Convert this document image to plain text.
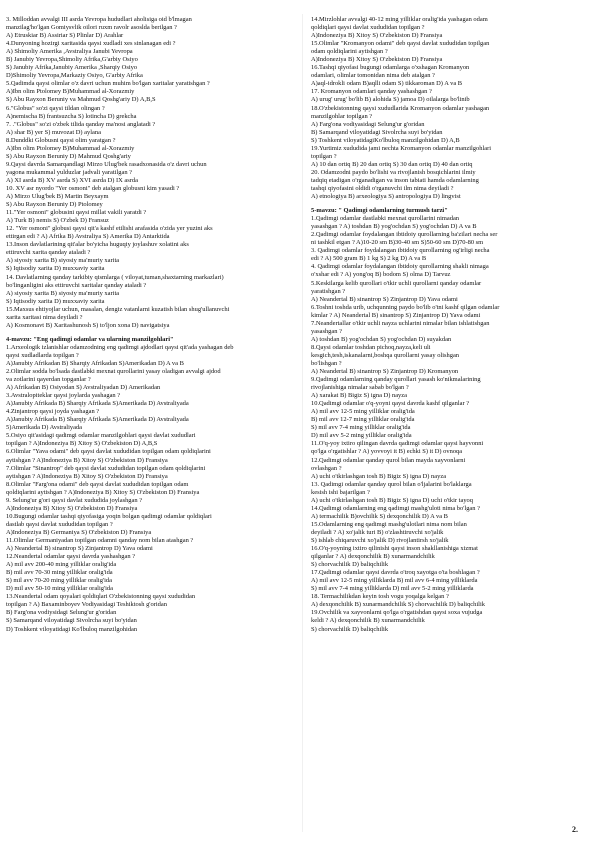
3. Milloddan avvalgi III asrda Yevropa hududlari aholisiga oid b'lmagan
manzilag'ho'lgan Gomiysvlik oilori ruxm ravolr asoslda berilgan ?
A) Etruskiar B) Assiriar S) Plinlar D) Arahlar
4.Dunyoning hozirgi xaritasida qaysi xudladi xes sinlanagan edi ?
A) Shimoliy Amerika ,Avstraliya Janubi Yevropa
B) Janubiy Yevropa,Shimoliy Afrika,G'arbiy Osiyo
S) Janubiy Afrika,Janubiy Amerika ,Sharqiy Osiyo
D)Shimoliy Yevropa,Markaziy Osiyo, G'arbiy Afrika
5.Qadimda qaysi olimlar o'z davri uchun muhim bo'lgan xaritalar yaratishgan ?
A)Ibn olim Ptolomey B)Muhammad al-Xorazmiy
S) Abu Rayxon Beruniy va Mahmud Qoshg'ariy D) A,B,S
6."Globus" so'zi qaysi tildan olingan ?
A)nemischa B) frantsuzcha S) lotincha D) grekcha
7. ."Globus" so'zi o'zbek tilida qanday ma'nosi anglatadi ?
A) shar B) yer S) muvozat D) aylana
8.Dunddki Globusni qaysi olim yaratgan ?
A)Ibn olim Ptolomey B)Muhammad al-Xorazmiy
S) Abu Rayxon Beruniy D) Mahmud Qoshg'ariy
9.Qaysi davrda Samarqandlagi Mirzo Ulug'bek rasadxonasida o'z davri uchun
yagona mukammal yulduzlar jadvali yaratilgan ?
A) XI asrda B) XV asrda S) XVI asrda D) IX asrda
10. XV asr nyordo "Yer osmoni" deb atalgan globusni kim yasadi ?
A) Mirzo Ulug'bek B) Martin Beyxaym
S) Abu Rayxon Beruniy D) Ptolomey
11."Yer osmoni" globusini qaysi millat vakili yaratdi ?
A) Turk B) nemis S) O'zbek D) Fransuz
12. "Yer osmoni" globusi qaysi qit'a kashf etilishi arafasida o'zida yer yuzini aks
ettirgan edi ? A) Afrika B) Avstraliya S) Amerika D) Antarktida
13.Inson davlatlarining qit'alar bo'yicha huguqiy joylashuv xolatini aks
ettiruvchi xarita qanday ataladi ?
A) siyosiy xarita B) siyosiy ma'muriy xarita
S) Iqtisodiy xarita D) muxxaviy xarita
14. Davlatlarning qanday tarkibiy qismlarga ( viloyat,tuman,shaxtarning markazlari)
bo'linganligini aks ettiruvchi xaritalar qanday ataladi ?
A) siyosiy xarita B) siyosiy ma'muriy xarita
S) Iqtisodiy xarita D) muxxaviy xarita
15.Maxsus ehtiyojlar uchun, masalan, dengiz vatanlarni kuzatish bilan shug'ullanuvchi
xarita xaritasi nima deyiladi ?
A) Kosmonavt B) Xaritashunosh S) to'ljon xona D) navigatsiya
4-mavzu: "Eng qadimgi odamlar va ularning manzilgohlari"
1.Arxeologik izlanishlar odamzodning eng qadimgi ajdodlari qaysi qit'ada yashagan deb
qaysi xudladlarda topilgan ?
A)Janubiy Afrikadan B) Sharqiy Afrikadan S)Amerikadan D) A va B
2.Olimlar sodda bo'lsada dastlabki mexnat qurollarini yasay oladigan avvalgi ajdod
va zotlarini qayerdan topganlar ?
A) Afrikadan B) Osiyodan S) Avstraliyadan D) Amerikadan
3.Avstralopiteklar qaysi joylarda yashagan ?
A)Janubiy Afrikada B) Sharqiy Afrikada S)Amerikada D) Avstraliyada
4.Zinjantrop qaysi joyda yashagan ?
A)Janubiy Afrikada B) Sharqiy Afrikada S)Amerikada D) Avstraliyada
5)Amerikada D) Avstraliyada
5.Osiyo qit'asidagi qadimgi odamlar manzilgohlari qaysi davlat xududlari
topilgan ? A)Indoneziya B) Xitoy S) O'zbekiston D) A,B,S
6.Olimlar "Yava odami" deb qaysi davlat xududidan topilgan odam qoldiqlarini
aytishgan ? A)Indoneziya B) Xitoy S) O'zbekiston D) Fransiya
7.Olimlar "Sinantrop" deb qaysi davlat xududidan topilgan odam qoldiqlarini
aytishgan ? A)Indoneziya B) Xitoy S) O'zbekiston D) Fransiya
8.Olimlar "Farg'ona odami" deb qaysi davlat xududidan topilgan odam
qoldiqlarini aytishgan ? A)Indoneziya B) Xitoy S) O'zbekiston D) Fransiya
9. Selung'ur g'ori qaysi davlat xududida joylashgan ?
A)Indoneziya B) Xitoy S) O'zbekiston D) Fransiya
10.Bugungi odamlar tashqi qiyofasiga yoqin bolgan qadimgi odamlar qoldiqlari
dastlab qaysi davlat xududidan topilgan ?
A)Indoneziya B) Germaniya S) O'zbekiston D) Fransiya
11.Olimlar Germaniyadan topilgan odamni qanday nom bilan atashgan ?
A) Neandertal B) sinantrop S) Zinjantrop D) Yava odami
12.Neandertal odamlar qaysi davrda yashashgan ?
A) mil avv 200-40 ming yilliklar oralig'ida
B) mil avv 70-30 ming yilliklar oralig'ida
S) mil avv 70-20 ming yilliklar oralig'ida
D) mil avv 50-10 ming yilliklar oralig'ida
13.Neandertal odam qoyalari qoldiqlari O'zbekistonning qaysi xududidan
topilgan ? A) Baxaminboyev Vodiyasidagi Teshiktosh g'oridan
B) Farg'ona vodiysidagi Selung'ur g'oridan
S) Samarqand viloyatidagi Sivolrcha suyi bo'yidan
D) Toshkent viloyatidagi Ko'lbuloq manzilgohidan
14.Mirzlohlar avvalgi 40-12 ming yilliklar oralig'ida yashagan odam
qoldiqlari qaysi davlat xududidan topilgan ?
A)Indoneziya B) Xitoy S) O'zbekiston D) Fransiya
15.Olimlar "Kromanyon odami" deb qaysi davlat xududidan topilgan
odam qoldiqlarini aytishgan ?
A)Indoneziya B) Xitoy S) O'zbekiston D) Fransiya
16.Tashqi qiyofasi bugungi odamlarga o'xshagan Kromanyon
odamlari, olimlar tomonidan nima deb atalgan ?
A)aql-idrokli odam B)aqlli odam S) tikkaroman D) A va B
17. Kromanyon odamlari qanday yashashgan ?
A) urug' urug' bo'lib B) alohida S) jamoa D) oilalarga bo'linib
18.O'zbekistonning qaysi xududlarida Kromanyon odamlar yashagan
manzilgohlar topilgan ?
A) Farg'ona vodiyasidagi Selung'ur g'oridan
B) Samarqand viloyatidagi Sivolrcha suyi bo'yidan
S) Toshkent viloyatidagiKo'lbuloq manzilgohidan D) A,B
19.Yurtimiz xududida jami nechta Kromanyon odamlar manzilgohlari
topilgan ?
A) 10 dan ortiq B) 20 dan ortiq S) 30 dan ortiq D) 40 dan ortiq
20. Odamzodni paydo bo'lishi va rivojlanish bosqichlarini ilmiy
tadqiq etadigan o'rganadigan va inson tabiati hamda odamlarning
tashqi qiyofasini oldidi o'rganuvchi ilm nima deyiladi ?
A) etnologiya B) arxeologiya S) antropologiya D) lingvist
5-mavzu: " Qadimgi odamlarning turmush tarzi"
1.Qadimgi odamlar dastlabki mexnat qurollarini nimadan
yasashgan ? A) toshdan B) yog'ochdan S) yog'ochdan D) A va B
2.Qadimgi odamlar foydalangan ibtidoiy qurollarning ba'zilari necha ser
ni tashkil etgan ? A)10-20 sm B)30-40 sm S)50-60 sm D)70-80 sm
3. Qadimgi odamlar foydalangan ibtidoiy qurollarning og'irligi necha
edi ? A) 500 gram B) 1 kg S) 2 kg D) A va B
4. Qadimgi odamlar foydalangan ibtidoiy qurollarning shakli nimaga
o'xshar edi ? A) yong'oq B) bodom S) olma D) Tarvuz
5.Keskilarga kelib qurollari o'tkir uchli qurollarni qanday odamlar
yaratishgan ?
A) Neandertal B) sinantrop S) Zinjantrop D) Yava odami
6.Toshni toshda urib, uchqunning paydo bo'lib o'tni kashf qilgan odamlar
kimlar ? A) Neandertal B) sinantrop S) Zinjantrop D) Yava odami
7.Neandertallar o'tkir uchli nayza uchlarini nimalar bilan ishlatishgan
yasashgan ?
A) toshdan B) yog'ochdan S) yog'ochdan D) suyakdan
8.Qaysi odamlar toshdan pichoq,nayza,keli uli
kesgich,tesh,iskanalarni,boshqa qurollarni yasay olishgan
bo'lishgan ?
A) Neandertal B) sinantrop S) Zinjantrop D) Kromanyon
9.Qadimgi odamlarning qanday qurollari yasash ko'nikmalarining
rivojlanishiga nimalar sabab bo'lgan ?
A) xarakat B) Bigiz S) igna D) nayza
10.Qadimgi odamlar o'q-yoyni qaysi davrda kashf qilganlar ?
A) mil avv 12-5 ming yilliklar oralig'ida
B) mil avv 12-7 ming yilliklar oralig'ida
S) mil avv 7-4 ming yilliklar oralig'ida
D) mil avv 5-2 ming yilliklar oralig'ida
11.O'q-yoy ixtiro qilingan davrda qadimgi odamlar qaysi hayvonni
qo'lga o'rgatishlar ? A) yovvoyi it B) echki S) it D) ovnoqa
12.Qadimgi odamlar qanday qurol bilan mayda xayvonlarni
ovlashgan ?
A) uchi o'tkirlashgan tosh B) Bigiz S) igna D) nayza
13. Qadimgi odamlar qanday qurol bilan o'ljalarini bo'laklarga
kesish ishi bajarilgan ?
A) uchi o'tkirlashgan tosh B) Bigiz S) igna D) uchi o'tkir tayoq
14.Qadimgi odamlarning eng qadimgi mashg'uloti nima bo'lgan ?
A) termachilik B)ovchilik S) dexqonchilik D) A va B
15.Odamlarning eng qadimgi mashg'ulotlari nima nom bilan
deyiladi ? A) xo'jalik turi B) o'zlashtiruvchi xo'jalik
S) ishlab chiqaruvchi xo'jalik D) rivojlantirsh xo'jalik
16.O'q-yoyning ixtiro qilinishi qaysi inson shakllanishiga xizmat
qilganlar ? A) dexqonchilik B) xunarmandchilik
S) chorvachilik D) baliqchilik
17.Qadimgi odamlar qaysi davrda o'troq xayotga o'ta boshlagan ?
A) mil avv 12-5 ming yilliklarda B) mil avv 6-4 ming yilliklarda
S) mil avv 7-4 ming yilliklarda D) mil avv 5-2 ming yilliklarda
18. Termachilikdan keyin tosh vogu yoqalga kelgan ?
A) dexqonchilik B) xunarmandchilik S) chorvachilik D) baliqchilik
19.Ovchilik va xayvonlarni qo'lga o'rgatishdan qaysi soxa vujudga
keldi ? A) dexqonchilik B) xunarmandchilik
S) chorvachilik D) baliqchilik
2.
